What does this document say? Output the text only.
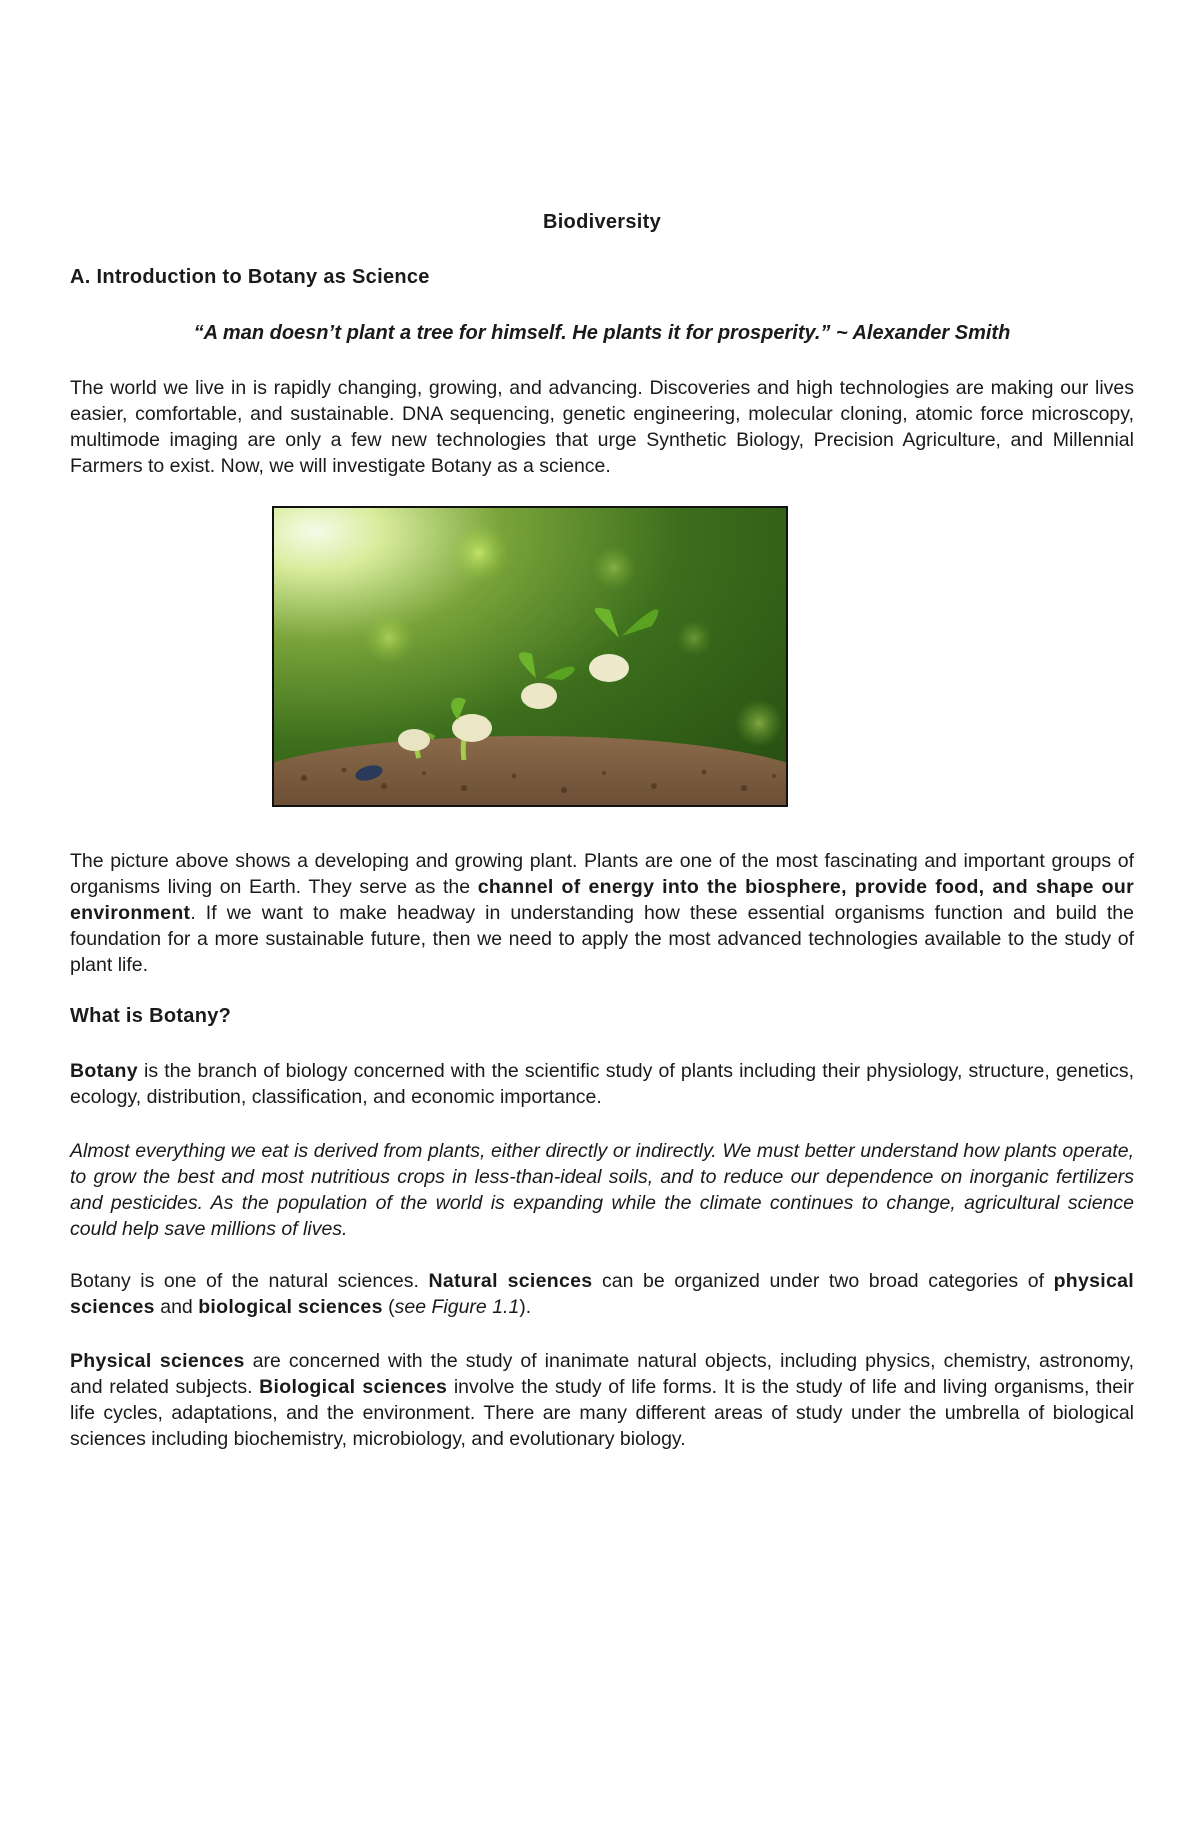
Biodiversity
A. Introduction to Botany as Science
“A man doesn’t plant a tree for himself. He plants it for prosperity.” ~ Alexander Smith
The world we live in is rapidly changing, growing, and advancing. Discoveries and high technologies are making our lives easier, comfortable, and sustainable. DNA sequencing, genetic engineering, molecular cloning, atomic force microscopy, multimode imaging are only a few new technologies that urge Synthetic Biology, Precision Agriculture, and Millennial Farmers to exist. Now, we will investigate Botany as a science.
The picture above shows a developing and growing plant. Plants are one of the most fascinating and important groups of organisms living on Earth. They serve as the channel of energy into the biosphere, provide food, and shape our environment. If we want to make headway in understanding how these essential organisms function and build the foundation for a more sustainable future, then we need to apply the most advanced technologies available to the study of plant life.
What is Botany?
Botany is the branch of biology concerned with the scientific study of plants including their physiology, structure, genetics, ecology, distribution, classification, and economic importance.
Almost everything we eat is derived from plants, either directly or indirectly. We must better understand how plants operate, to grow the best and most nutritious crops in less-than-ideal soils, and to reduce our dependence on inorganic fertilizers and pesticides. As the population of the world is expanding while the climate continues to change, agricultural science could help save millions of lives.
Botany is one of the natural sciences. Natural sciences can be organized under two broad categories of physical sciences and biological sciences (see Figure 1.1).
Physical sciences are concerned with the study of inanimate natural objects, including physics, chemistry, astronomy, and related subjects. Biological sciences involve the study of life forms. It is the study of life and living organisms, their life cycles, adaptations, and the environment. There are many different areas of study under the umbrella of biological sciences including biochemistry, microbiology, and evolutionary biology.
